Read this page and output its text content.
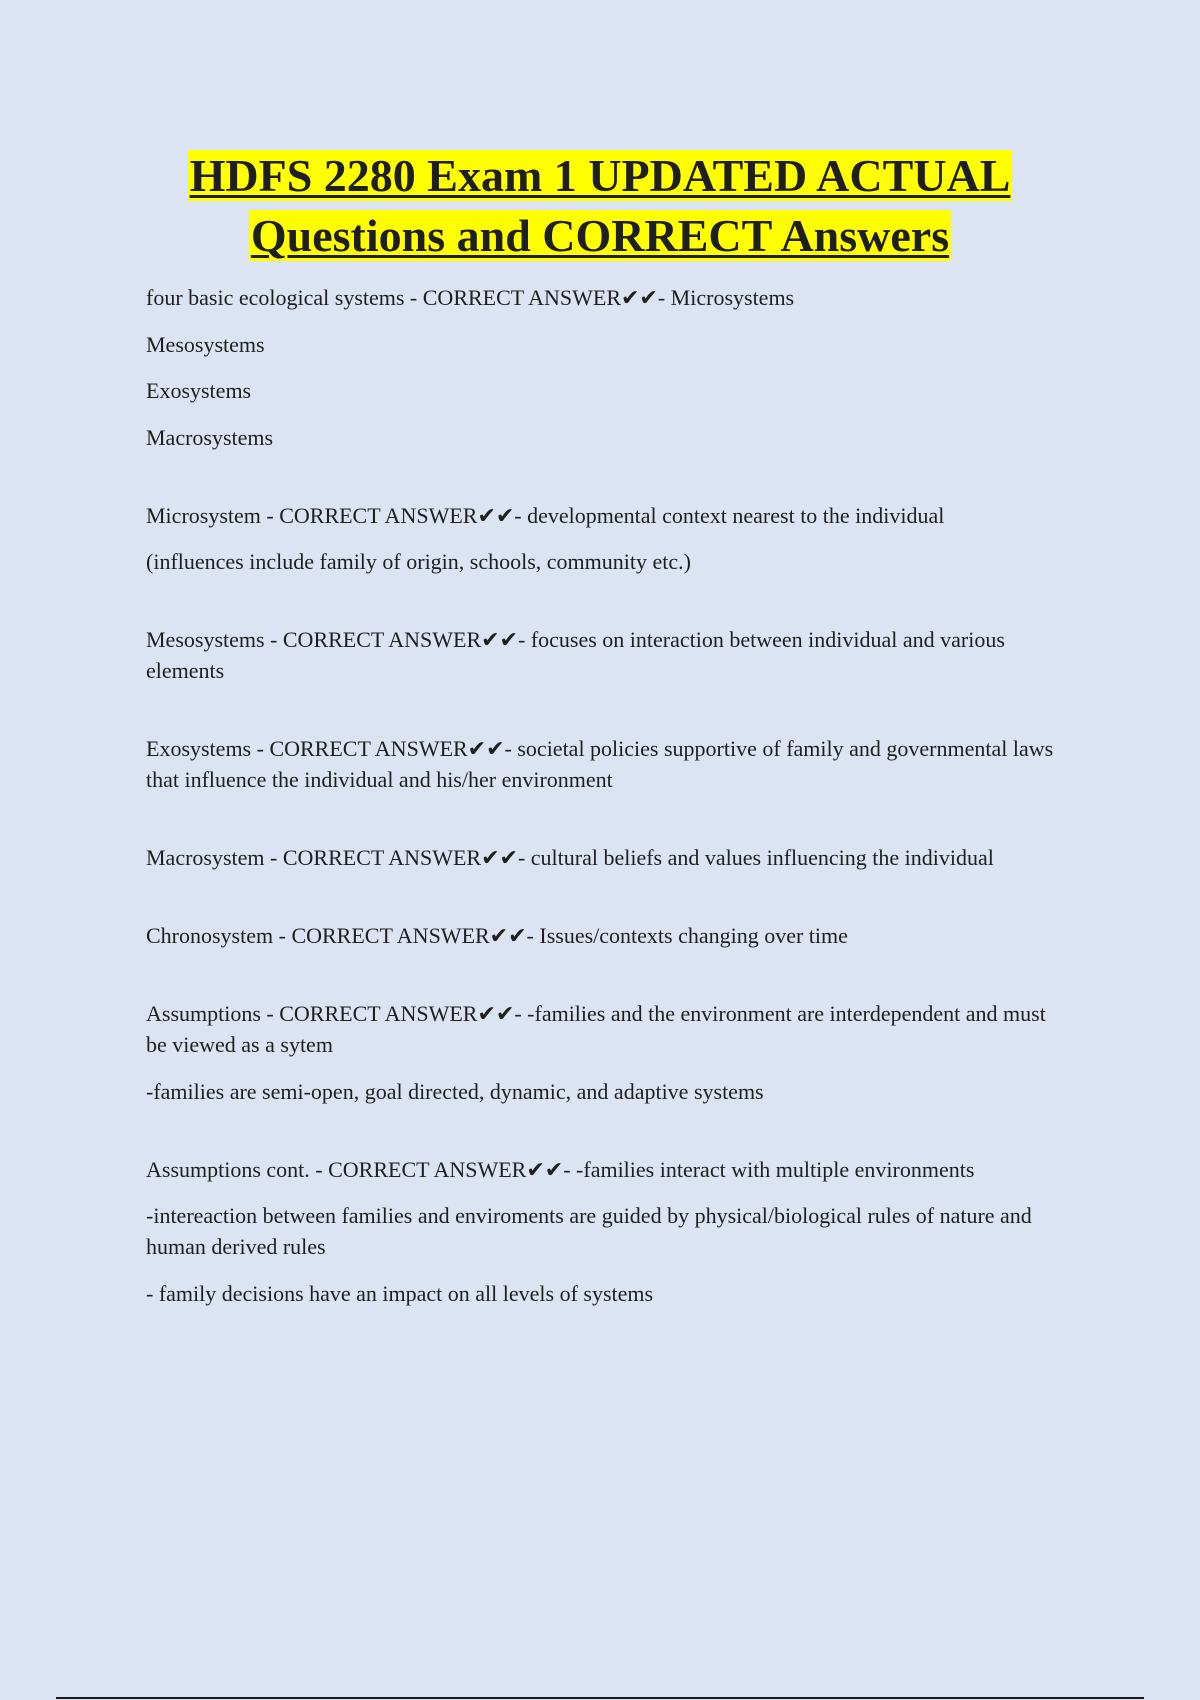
HDFS 2280 Exam 1 UPDATED ACTUAL
Questions and CORRECT Answers

four basic ecological systems - CORRECT ANSWER✔✔- Microsystems

Mesosystems

Exosystems

Macrosystems

Microsystem - CORRECT ANSWER✔✔- developmental context nearest to the individual

(influences include family of origin, schools, community etc.)

Mesosystems - CORRECT ANSWER✔✔- focuses on interaction between individual and various elements

Exosystems - CORRECT ANSWER✔✔- societal policies supportive of family and governmental laws that influence the individual and his/her environment

Macrosystem - CORRECT ANSWER✔✔- cultural beliefs and values influencing the individual

Chronosystem - CORRECT ANSWER✔✔- Issues/contexts changing over time

Assumptions - CORRECT ANSWER✔✔- -families and the environment are interdependent and must be viewed as a sytem

-families are semi-open, goal directed, dynamic, and adaptive systems

Assumptions cont. - CORRECT ANSWER✔✔- -families interact with multiple environments

-intereaction between families and enviroments are guided by physical/biological rules of nature and human derived rules

- family decisions have an impact on all levels of systems
